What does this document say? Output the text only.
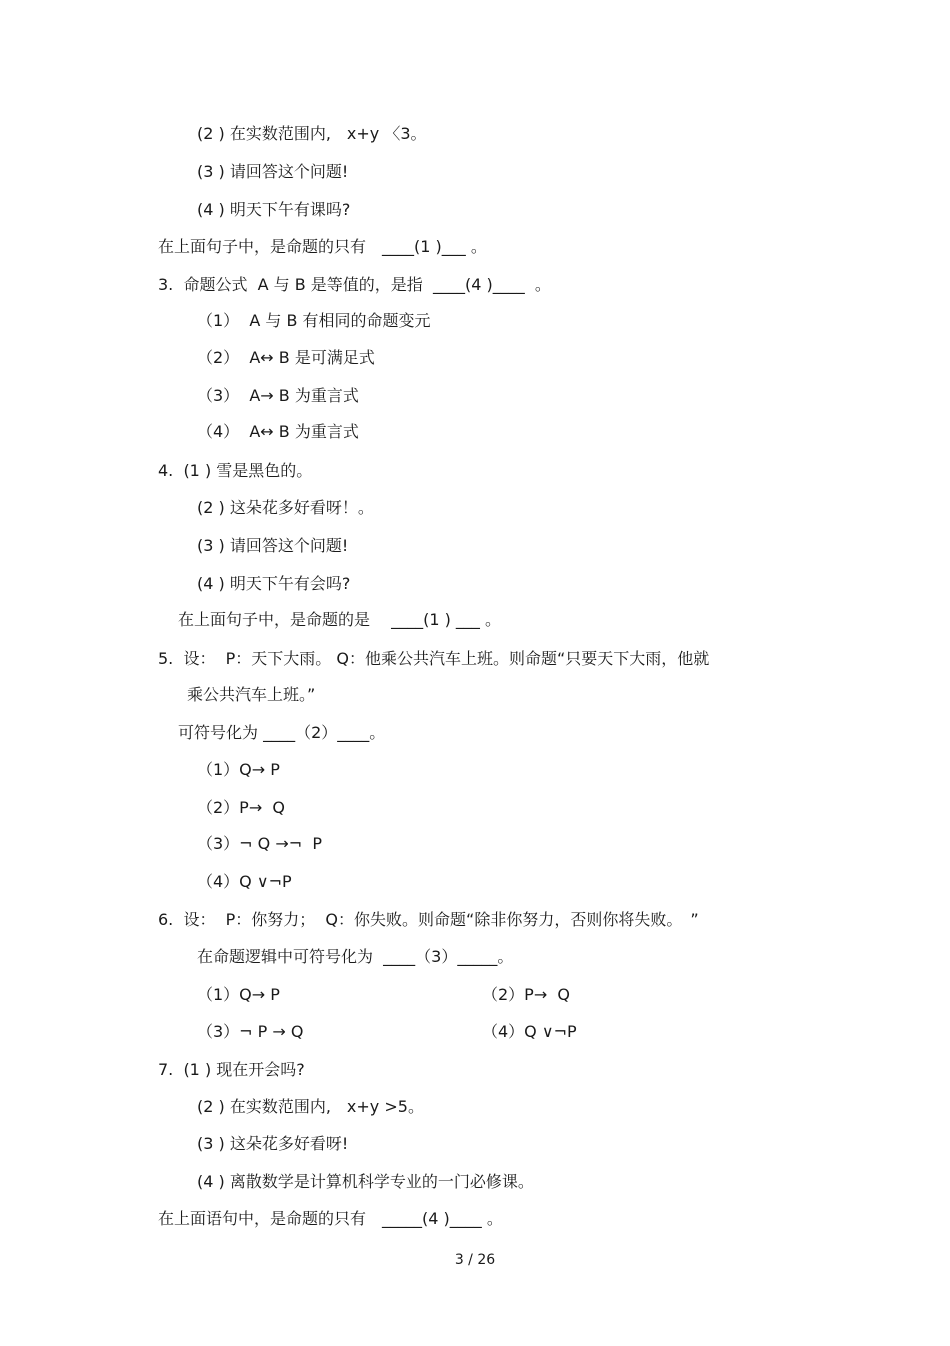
(2 ) 在实数范围内,　x+y 〈3。
(3 ) 请回答这个问题!
(4 ) 明天下午有课吗?
在上面句子中，是命题的只有　____(1 )___ 。
3.  命题公式  A 与 B 是等值的，是指  ____(4 )____  。
（1）  A 与 B 有相同的命题变元
（2）  A↔ B 是可满足式
（3）  A→ B 为重言式
（4）  A↔ B 为重言式
4.  (1 ) 雪是黑色的。
(2 ) 这朵花多好看呀！。
(3 ) 请回答这个问题!
(4 ) 明天下午有会吗?
在上面句子中，是命题的是　 ____(1 ) ___ 。
5.  设：  P：天下大雨。 Q：他乘公共汽车上班。则命题“只要天下大雨，他就
乘公共汽车上班。”
可符号化为 ____（2）____。
（1）Q→ P
（2）P→  Q
（3）¬ Q →¬  P
（4）Q ∨¬P
6.  设：  P：你努力；  Q：你失败。则命题“除非你努力，否则你将失败。　”
在命题逻辑中可符号化为  ____（3）_____。
（1）Q→ P	（2）P→  Q
（3）¬ P → Q	（4）Q ∨¬P
7.  (1 ) 现在开会吗?
(2 ) 在实数范围内,　x+y >5。
(3 ) 这朵花多好看呀!
(4 ) 离散数学是计算机科学专业的一门必修课。
在上面语句中，是命题的只有　_____(4 )____ 。
3 / 26
